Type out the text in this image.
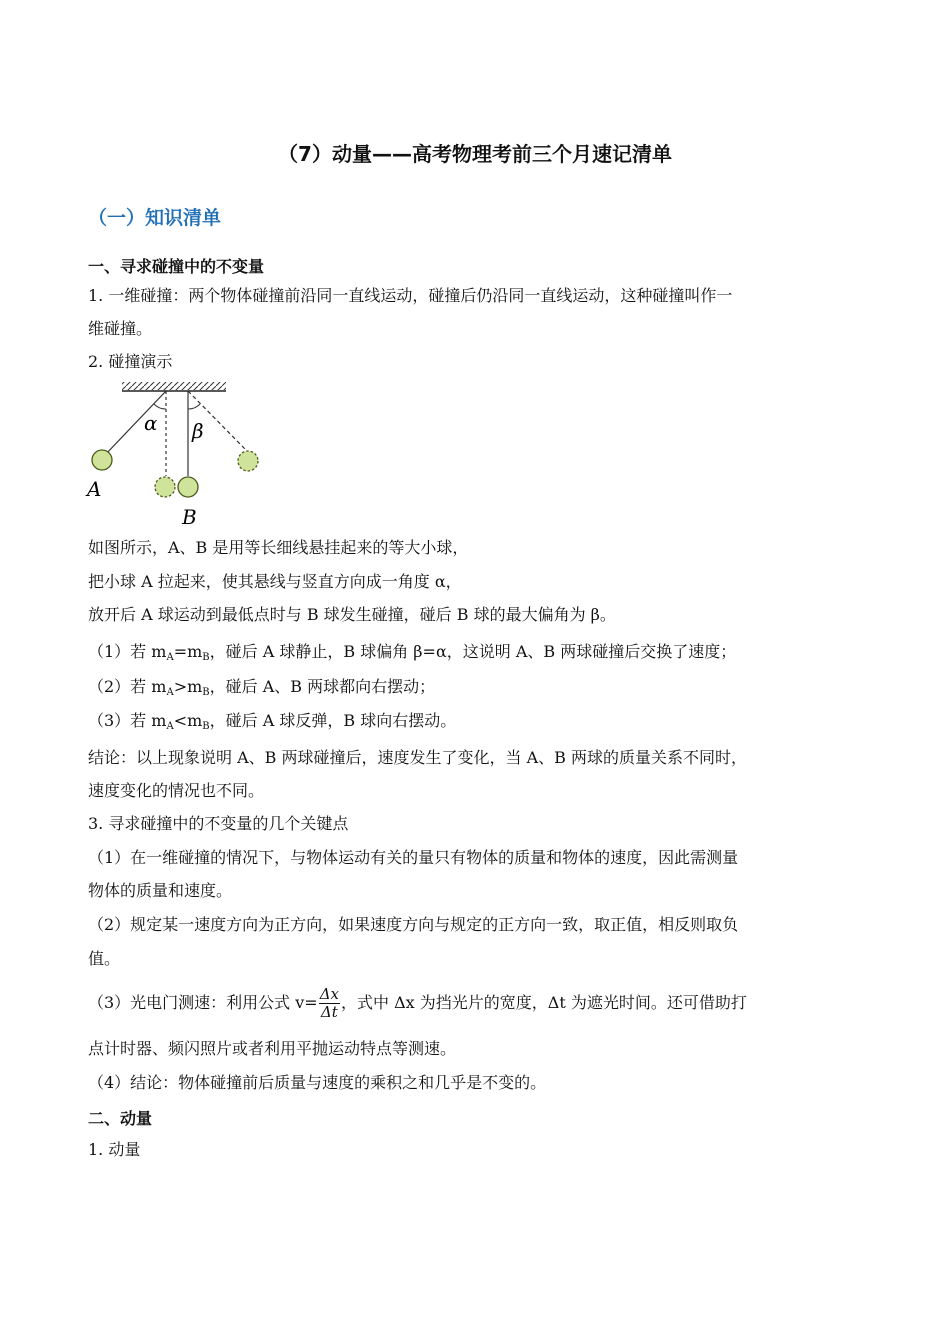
（7）动量——高考物理考前三个月速记清单
（一）知识清单
一、寻求碰撞中的不变量
1. 一维碰撞：两个物体碰撞前沿同一直线运动，碰撞后仍沿同一直线运动，这种碰撞叫作一
维碰撞。
2. 碰撞演示
α β
A
B
如图所示，A、B 是用等长细线悬挂起来的等大小球，
把小球 A 拉起来，使其悬线与竖直方向成一角度 α，
放开后 A 球运动到最低点时与 B 球发生碰撞，碰后 B 球的最大偏角为 β。
（1）若 $m_A=m_B$，碰后 A 球静止，B 球偏角 β=α，这说明 A、B 两球碰撞后交换了速度；
（2）若 $m_A>m_B$，碰后 A、B 两球都向右摆动；
（3）若 $m_A<m_B$，碰后 A 球反弹，B 球向右摆动。
结论：以上现象说明 A、B 两球碰撞后，速度发生了变化，当 A、B 两球的质量关系不同时，
速度变化的情况也不同。
3. 寻求碰撞中的不变量的几个关键点
（1）在一维碰撞的情况下，与物体运动有关的量只有物体的质量和物体的速度，因此需测量
物体的质量和速度。
（2）规定某一速度方向为正方向，如果速度方向与规定的正方向一致，取正值，相反则取负
值。
（3）光电门测速：利用公式 $v= \frac{\Delta x}{\Delta t}$ ，式中 Δx 为挡光片的宽度，Δt 为遮光时间。还可借助打
点计时器、频闪照片或者利用平抛运动特点等测速。
（4）结论：物体碰撞前后质量与速度的乘积之和几乎是不变的。
二、动量
1. 动量
